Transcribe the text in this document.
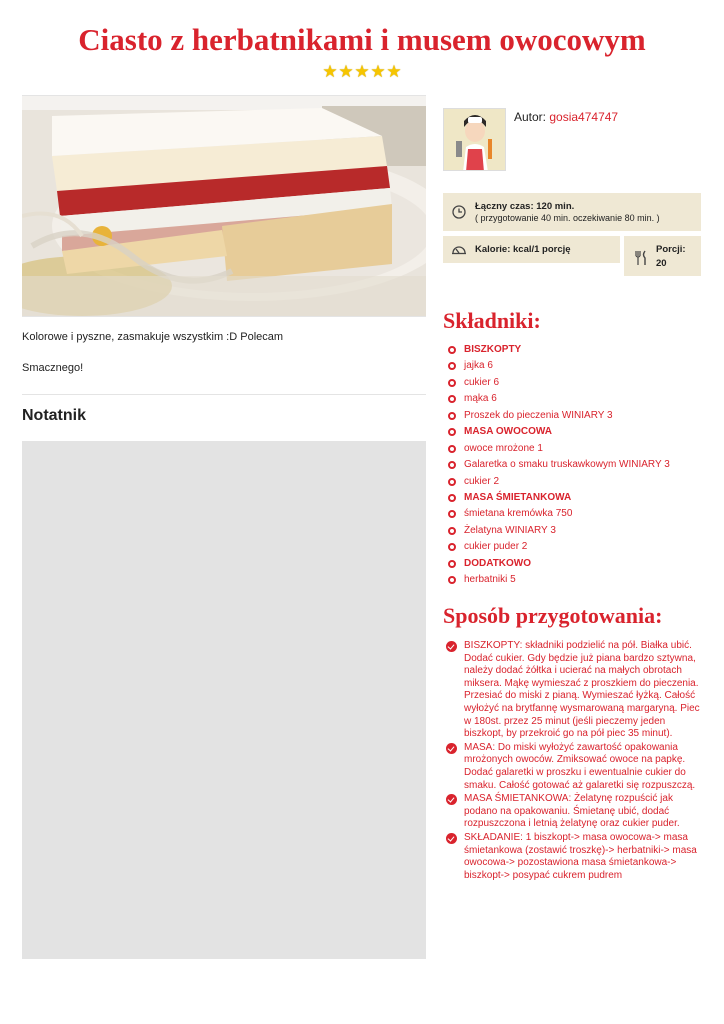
Ciasto z herbatnikami i musem owocowym
★★★★★

Kolorowe i pyszne, zasmakuje wszystkim :D Polecam

Smacznego!

Notatnik
Autor: gosia474747
Łączny czas: 120 min.
( przygotowanie 40 min. oczekiwanie 80 min. )
Kalorie: kcal/1 porcję	Porcji:
20
Składniki:
BISZKOPTY
jajka 6
cukier 6
mąka 6
Proszek do pieczenia WINIARY 3
MASA OWOCOWA
owoce mrożone 1
Galaretka o smaku truskawkowym WINIARY 3
cukier 2
MASA ŚMIETANKOWA
śmietana kremówka 750
Żelatyna WINIARY 3
cukier puder 2
DODATKOWO
herbatniki 5
Sposób przygotowania:
BISZKOPTY: składniki podzielić na pół. Białka ubić. Dodać cukier. Gdy będzie już piana bardzo sztywna, należy dodać żółtka i ucierać na małych obrotach miksera. Mąkę wymieszać z proszkiem do pieczenia. Przesiać do miski z pianą. Wymieszać łyżką. Całość wyłożyć na brytfannę wysmarowaną margaryną. Piec w 180st. przez 25 minut (jeśli pieczemy jeden biszkopt, by przekroić go na pół piec 35 minut).
MASA: Do miski wyłożyć zawartość opakowania mrożonych owoców. Zmiksować owoce na papkę. Dodać galaretki w proszku i ewentualnie cukier do smaku. Całość gotować aż galaretki się rozpuszczą.
MASA ŚMIETANKOWA: Żelatynę rozpuścić jak podano na opakowaniu. Śmietanę ubić, dodać rozpuszczona i letnią żelatynę oraz cukier puder.
SKŁADANIE: 1 biszkopt-> masa owocowa-> masa śmietankowa (zostawić troszkę)-> herbatniki-> masa owocowa-> pozostawiona masa śmietankowa-> biszkopt-> posypać cukrem pudrem
